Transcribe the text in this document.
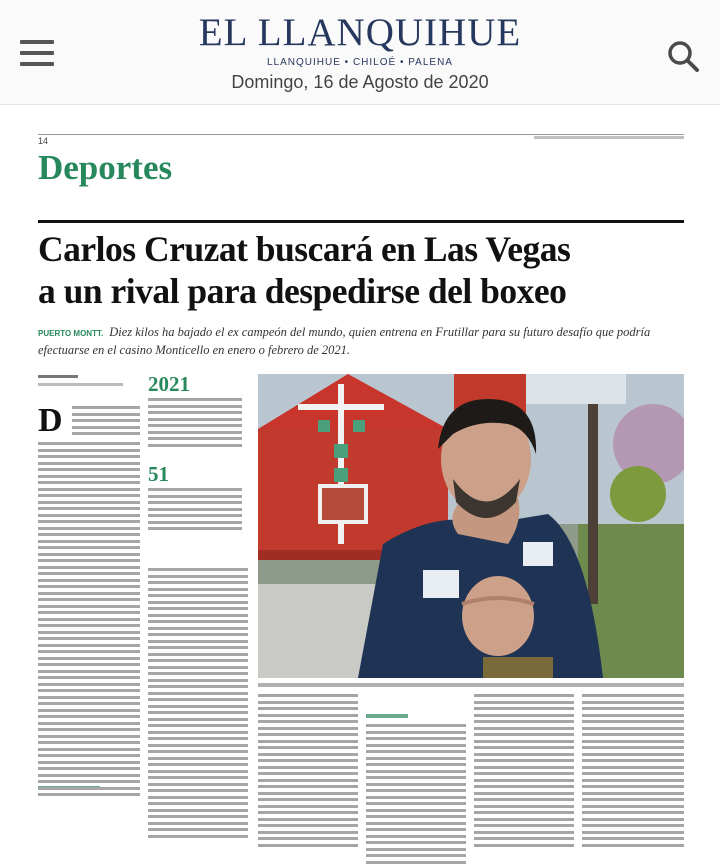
EL LLANQUIHUE
LLANQUIHUE • CHILOÉ • PALENA
Domingo, 16 de Agosto de 2020
14
Deportes
Carlos Cruzat buscará en Las Vegas
a un rival para despedirse del boxeo
PUERTO MONTT. Diez kilos ha bajado el ex campeón del mundo, quien entrena en Frutillar para su futuro desafío que podría efectuarse en el casino Monticello en enero o febrero de 2021.
D
2021
51
